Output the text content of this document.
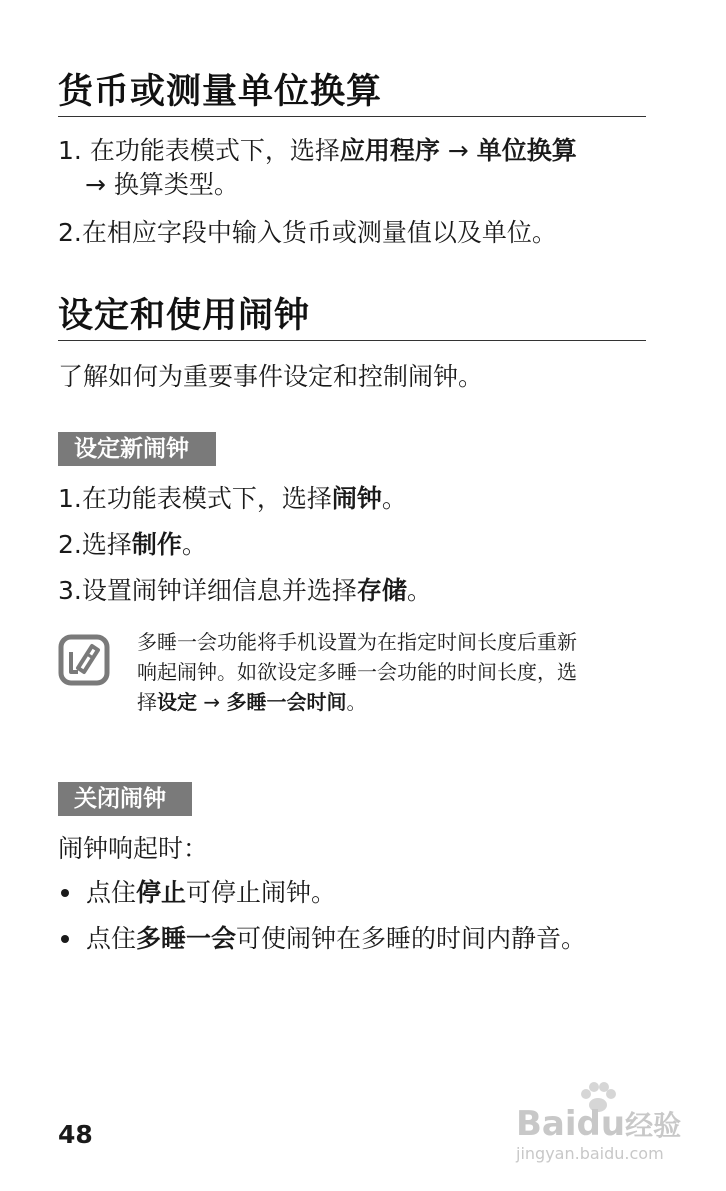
货币或测量单位换算
1. 在功能表模式下，选择应用程序 → 单位换算
→ 换算类型。
2.在相应字段中输入货币或测量值以及单位。
设定和使用闹钟
了解如何为重要事件设定和控制闹钟。
设定新闹钟
1.在功能表模式下，选择闹钟。
2.选择制作。
3.设置闹钟详细信息并选择存储。
多睡一会功能将手机设置为在指定时间长度后重新
响起闹钟。如欲设定多睡一会功能的时间长度，选
择设定 → 多睡一会时间。
关闭闹钟
闹钟响起时：
点住停止可停止闹钟。
点住多睡一会可使闹钟在多睡的时间内静音。
48	Baidu经验
jingyan.baidu.com
